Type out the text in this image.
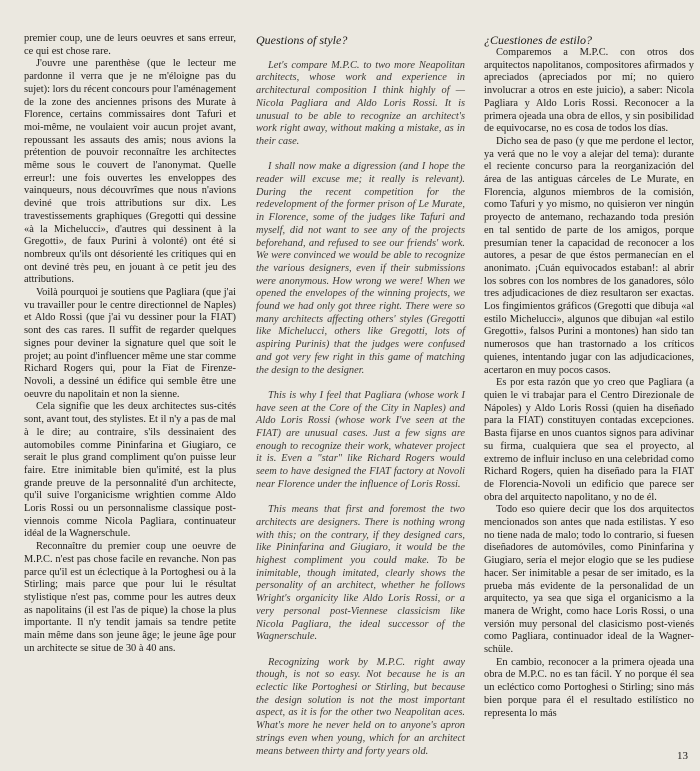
premier coup, une de leurs oeuvres et sans erreur, ce qui est chose rare.

J'ouvre une parenthèse (que le lecteur me pardonne il verra que je ne m'éloigne pas du sujet): lors du récent concours pour l'aménagement de la zone des anciennes prisons des Murate à Florence, certains commissaires dont Tafuri et moi-même, ne voulaient voir aucun projet avant, repoussant les assauts des amis; nous avions la prétention de pouvoir reconnaître les architectes même sous le couvert de l'anonymat. Quelle erreur!: une fois ouvertes les enveloppes des vainqueurs, nous découvrîmes que nous n'avions deviné que trois attributions sur dix. Les travestissements graphiques (Gregotti qui dessine «à la Michelucci», d'autres qui dessinent à la Gregotti», de faux Purini à volonté) ont été si nombreux qu'ils ont désorienté les critiques qui en ont deviné très peu, en jouant à ce petit jeu des attributions.

Voilà pourquoi je soutiens que Pagliara (que j'ai vu travailler pour le centre directionnel de Naples) et Aldo Rossi (que j'ai vu dessiner pour la FIAT) sont des cas rares. Il suffit de regarder quelques signes pour deviner la signature quel que soit le projet; au point d'influencer même une star comme Richard Rogers qui, pour la Fiat de Firenze-Novoli, a dessiné un édifice qui semble être une oeuvre du napolitain et non la sienne.

Cela signifie que les deux architectes sus-cités sont, avant tout, des stylistes. Et il n'y a pas de mal à le dire; au contraire, s'ils dessinaient des automobiles comme Pininfarina et Giugiaro, ce serait le plus grand compliment qu'on puisse leur faire. Etre inimitable bien qu'imité, est la plus grande preuve de la personnalité d'un architecte, qu'il suive l'organicisme wrightien comme Aldo Loris Rossi ou un personnalisme classique post-viennois comme Nicola Pagliara, continuateur idéal de la Wagnerschule.

Reconnaître du premier coup une oeuvre de M.P.C. n'est pas chose facile en revanche. Non pas parce qu'il est un éclectique à la Portoghesi ou à la Stirling; mais parce que pour lui le résultat stylistique n'est pas, comme pour les autres deux as napolitains (il est l'as de pique) la chose la plus importante. Il n'y tendit jamais sa tendre petite main même dans son jeune âge; le jeune âge pour un architecte se situe de 30 à 40 ans.

Questions of style?

Let's compare M.P.C. to two more Neapolitan architects, whose work and experience in architectural composition I think highly of — Nicola Pagliara and Aldo Loris Rossi. It is unusual to be able to recognize an architect's work right away, without making a mistake, as in their case.

I shall now make a digression (and I hope the reader will excuse me; it really is relevant). During the recent competition for the redevelopment of the former prison of Le Murate, in Florence, some of the judges like Tafuri and myself, did not want to see any of the projects beforehand, and refused to see our friends' work. We were convinced we would be able to recognize the various designers, even if their submissions were anonymous. How wrong we were! When we opened the envelopes of the winning projects, we found we had only got three right. There were so many architects affecting others' styles (Gregotti like Michelucci, others like Gregotti, lots of aspiring Purinis) that the judges were confused and got very few right in this game of matching the design to the designer.

This is why I feel that Pagliara (whose work I have seen at the Core of the City in Naples) and Aldo Loris Rossi (whose work I've seen at the FIAT) are unusual cases. Just a few signs are enough to recognize their work, whatever project it is. Even a "star" like Richard Rogers would seem to have designed the FIAT factory at Novoli near Florence under the influence of Loris Rossi.

This means that first and foremost the two architects are designers. There is nothing wrong with this; on the contrary, if they designed cars, like Pininfarina and Giugiaro, it would be the highest compliment you could make. To be inimitable, though imitated, clearly shows the personality of an architect, whether he follows Wright's organicity like Aldo Loris Rossi, or a very personal post-Viennese classicism like Nicola Pagliara, the ideal successor of the Wagnerschule.

Recognizing work by M.P.C. right away though, is not so easy. Not because he is an eclectic like Portoghesi or Stirling, but because the design solution is not the most important aspect, as it is for the other two Neapolitan aces. What's more he never held on to anyone's apron strings even when young, which for an architect means between thirty and forty years old.

¿Cuestiones de estilo?

Comparemos a M.P.C. con otros dos arquitectos napolitanos, compositores afirmados y apreciados (apreciados por mí; no quiero involucrar a otros en este juicio), a saber: Nicola Pagliara y Aldo Loris Rossi. Reconocer a la primera ojeada una obra de ellos, y sin posibilidad de equivocarse, no es cosa de todos los días.

Dicho sea de paso (y que me perdone el lector, ya verá que no le voy a alejar del tema): durante el reciente concurso para la reorganización del área de las antiguas cárceles de Le Murate, en Florencia, algunos miembros de la comisión, como Tafuri y yo mismo, no quisieron ver ningún proyecto de antemano, rechazando toda presión en tal sentido de parte de los amigos, porque presumían tener la capacidad de reconocer a los autores, a pesar de que éstos permanecían en el anonimato. ¡Cuán equivocados estaban!: al abrir los sobres con los nombres de los ganadores, sólo tres adjudicaciones de diez resultaron ser exactas. Los fingimientos gráficos (Gregotti que dibuja «al estilo Michelucci», algunos que dibujan «al estilo Gregotti», falsos Purini a montones) han sido tan numerosos que han trastornado a los críticos quienes, intentando jugar con las adjudicaciones, acertaron en muy pocos casos.

Es por esta razón que yo creo que Pagliara (a quien le vi trabajar para el Centro Direzionale de Nápoles) y Aldo Loris Rossi (quien ha diseñado para la FIAT) constituyen contadas excepciones. Basta fijarse en unos cuantos signos para adivinar su firma, cualquiera que sea el proyecto, al extremo de influir incluso en una celebridad como Richard Rogers, quien ha diseñado para la FIAT de Florencia-Novoli un edificio que parece ser obra del arquitecto napolitano, y no de él.

Todo eso quiere decir que los dos arquitectos mencionados son antes que nada estilistas. Y eso no tiene nada de malo; todo lo contrario, si fuesen diseñadores de automóviles, como Pininfarina y Giugiaro, sería el mejor elogio que se les pudiese hacer. Ser inimitable a pesar de ser imitado, es la prueba más evidente de la personalidad de un arquitecto, ya sea que siga el organicismo a la manera de Wright, como hace Loris Rossi, o una versión muy personal del clasicismo post-vienés como Pagliara, continuador ideal de la Wagner-schüle.

En cambio, reconocer a la primera ojeada una obra de M.P.C. no es tan fácil. Y no porque él sea un ecléctico como Portoghesi o Stirling; sino más bien porque para él el resultado estilístico no representa lo más

13
